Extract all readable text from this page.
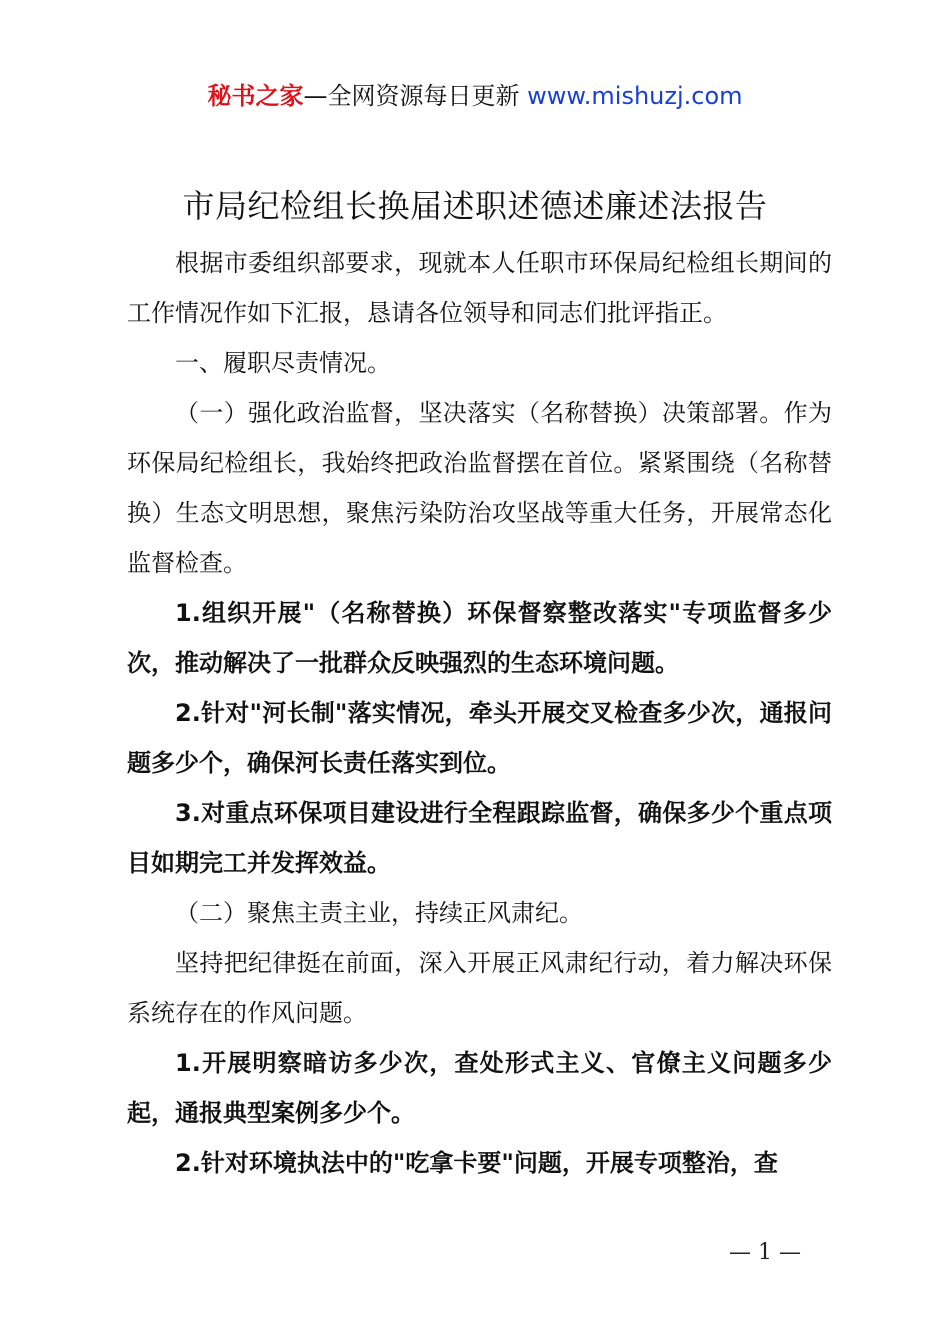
秘书之家—全网资源每日更新 www.mishuzj.com
市局纪检组长换届述职述德述廉述法报告

根据市委组织部要求，现就本人任职市环保局纪检组长期间的工作情况作如下汇报，恳请各位领导和同志们批评指正。

一、履职尽责情况。

（一）强化政治监督，坚决落实（名称替换）决策部署。作为环保局纪检组长，我始终把政治监督摆在首位。紧紧围绕（名称替换）生态文明思想，聚焦污染防治攻坚战等重大任务，开展常态化监督检查。

1.组织开展"（名称替换）环保督察整改落实"专项监督多少次，推动解决了一批群众反映强烈的生态环境问题。

2.针对"河长制"落实情况，牵头开展交叉检查多少次，通报问题多少个，确保河长责任落实到位。

3.对重点环保项目建设进行全程跟踪监督，确保多少个重点项目如期完工并发挥效益。

（二）聚焦主责主业，持续正风肃纪。

坚持把纪律挺在前面，深入开展正风肃纪行动，着力解决环保系统存在的作风问题。

1.开展明察暗访多少次，查处形式主义、官僚主义问题多少起，通报典型案例多少个。

2.针对环境执法中的"吃拿卡要"问题，开展专项整治，查

— 1 —
